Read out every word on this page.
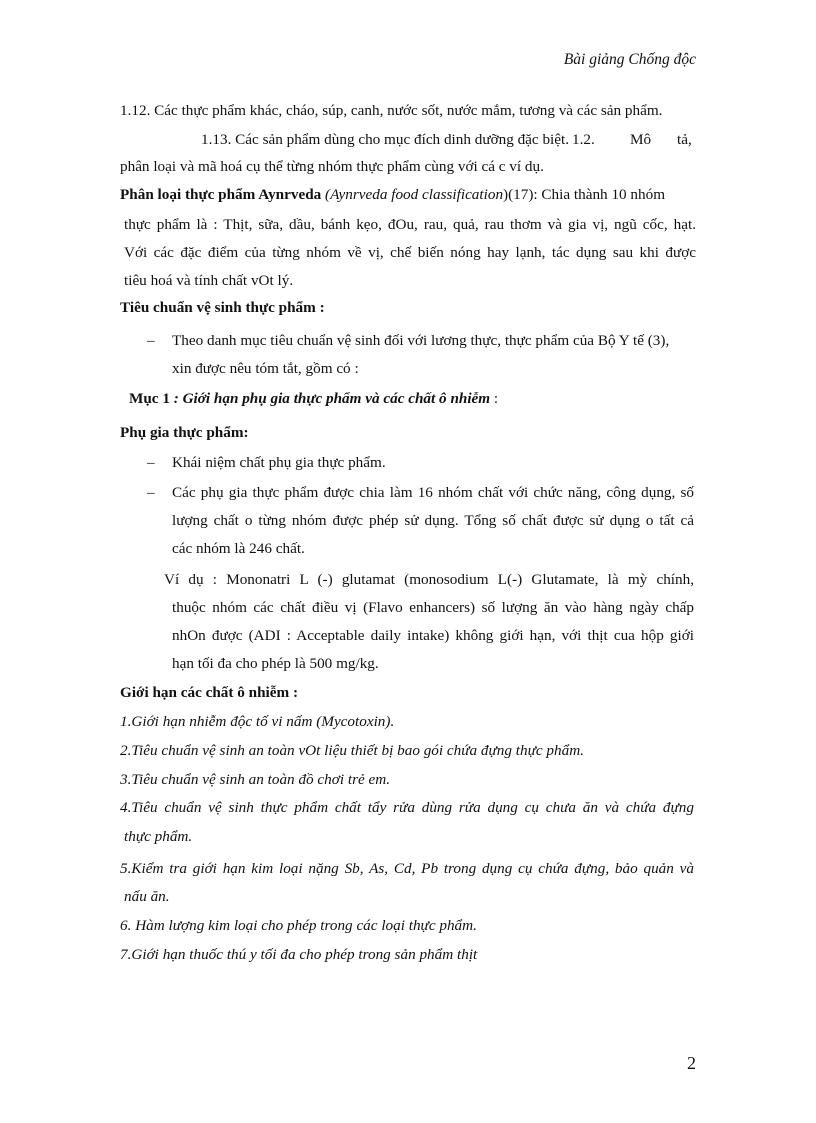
Bài giảng Chống độc
1.12. Các thực phẩm khác, cháo, súp, canh, nước sốt, nước mắm, tương và các sản phẩm.
1.13. Các sản phẩm dùng cho mục đích dinh dưỡng đặc biệt. 1.2. Mô tả,
phân loại và mã hoá cụ thể từng nhóm thực phẩm cùng với cá c ví dụ.
Phân loại thực phẩm Aynrveda (Aynrveda food classification)(17): Chia thành 10 nhóm
thực phẩm là : Thịt, sữa, dầu, bánh kẹo, đOu, rau, quả, rau thơm và gia vị, ngũ cốc, hạt.
Với các đặc điểm của từng nhóm về vị, chế biến nóng hay lạnh, tác dụng sau khi được
tiêu hoá và tính chất vOt lý.
Tiêu chuẩn vệ sinh thực phẩm :
– Theo danh mục tiêu chuẩn vệ sinh đối với lương thực, thực phẩm của Bộ Y tế (3),
xin được nêu tóm tắt, gồm có :
Mục 1 : Giới hạn phụ gia thực phẩm và các chất ô nhiễm :
Phụ gia thực phẩm:
– Khái niệm chất phụ gia thực phẩm.
– Các phụ gia thực phẩm được chia làm 16 nhóm chất với chức năng, công dụng, số
lượng chất o từng nhóm được phép sử dụng. Tổng số chất được sử dụng o tất cả
các nhóm là 246 chất.
Ví dụ : Mononatri L (-) glutamat (monosodium L(-) Glutamate, là mỳ chính,
thuộc nhóm các chất điều vị (Flavo enhancers) số lượng ăn vào hàng ngày chấp
nhOn được (ADI : Acceptable daily intake) không giới hạn, với thịt cua hộp giới
hạn tối đa cho phép là 500 mg/kg.
Giới hạn các chất ô nhiễm :
1.Giới hạn nhiễm độc tố vi nấm (Mycotoxin).
2.Tiêu chuẩn vệ sinh an toàn vOt liệu thiết bị bao gói chứa đựng thực phẩm.
3.Tiêu chuẩn vệ sinh an toàn đồ chơi trẻ em.
4.Tiêu chuẩn vệ sinh thực phẩm chất tẩy rửa dùng rửa dụng cụ chưa ăn và chứa đựng
thực phẩm.
5.Kiểm tra giới hạn kim loại nặng Sb, As, Cd, Pb trong dụng cụ chứa đựng, bảo quản và
nấu ăn.
6. Hàm lượng kim loại cho phép trong các loại thực phẩm.
7.Giới hạn thuốc thú y tối đa cho phép trong sản phẩm thịt
2
